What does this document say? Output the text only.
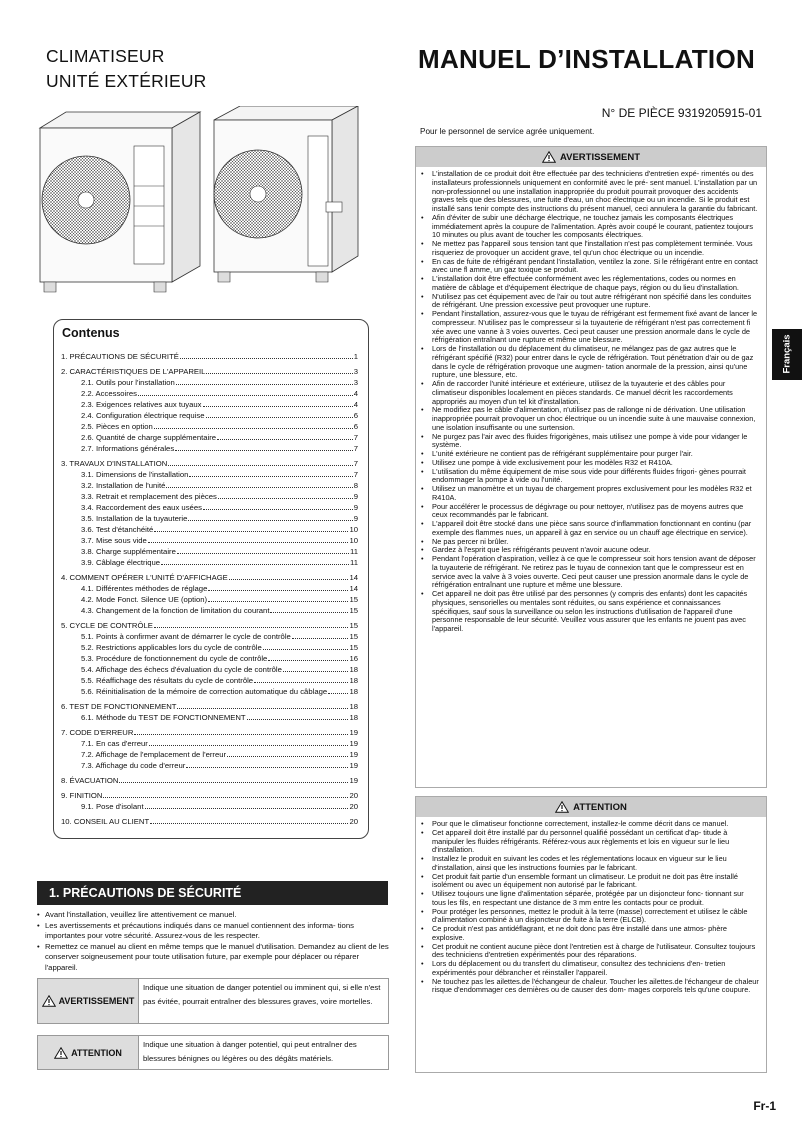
CLIMATISEUR
UNITÉ EXTÉRIEUR
MANUEL D’INSTALLATION
N° DE PIÈCE 9319205915-01
Pour le personnel de service agrée uniquement.
Contenus
1. PRÉCAUTIONS DE SÉCURITÉ	1
2. CARACTÉRISTIQUES DE L'APPAREIL	3
2.1. Outils pour l'installation	3
2.2. Accessoires	4
2.3. Exigences relatives aux tuyaux	4
2.4. Configuration électrique requise	6
2.5. Pièces en option	6
2.6. Quantité de charge supplémentaire	7
2.7. Informations générales	7
3. TRAVAUX D'INSTALLATION	7
3.1. Dimensions de l'installation	7
3.2. Installation de l'unité	8
3.3. Retrait et remplacement des pièces	9
3.4. Raccordement des eaux usées	9
3.5. Installation de la tuyauterie	9
3.6. Test d'étanchéité	10
3.7. Mise sous vide	10
3.8. Charge supplémentaire	11
3.9. Câblage électrique	11
4. COMMENT OPÉRER L'UNITÉ D'AFFICHAGE	14
4.1. Différentes méthodes de réglage	14
4.2. Mode Fonct. Silence UE (option)	15
4.3. Changement de la fonction de limitation du courant	15
5. CYCLE DE CONTRÔLE	15
5.1. Points à confirmer avant de démarrer le cycle de contrôle	15
5.2. Restrictions applicables lors du cycle de contrôle	15
5.3. Procédure de fonctionnement du cycle de contrôle	16
5.4. Affichage des échecs d'évaluation du cycle de contrôle	18
5.5. Réaffichage des résultats du cycle de contrôle	18
5.6. Réinitialisation de la mémoire de correction automatique du câblage	18
6. TEST DE FONCTIONNEMENT	18
6.1. Méthode du TEST DE FONCTIONNEMENT	18
7. CODE D'ERREUR	19
7.1. En cas d'erreur	19
7.2. Affichage de l'emplacement de l'erreur	19
7.3. Affichage du code d'erreur	19
8. ÉVACUATION	19
9. FINITION	20
9.1. Pose d'isolant	20
10. CONSEIL AU CLIENT	20
1. PRÉCAUTIONS DE SÉCURITÉ
• Avant l'installation, veuillez lire attentivement ce manuel.
• Les avertissements et précautions indiqués dans ce manuel contiennent des informa- tions importantes pour votre sécurité. Assurez-vous de les respecter.
• Remettez ce manuel au client en même temps que le manuel d'utilisation. Demandez au client de les conserver soigneusement pour toute utilisation future, par exemple pour déplacer ou réparer l'appareil.
AVERTISSEMENT
Indique une situation de danger potentiel ou imminent qui, si elle n'est pas évitée, pourrait entraîner des blessures graves, voire mortelles.
ATTENTION
Indique une situation à danger potentiel, qui peut entraîner des blessures bénignes ou légères ou des dégâts matériels.
AVERTISSEMENT
• L'installation de ce produit doit être effectuée par des techniciens d'entretien expé- rimentés ou des installateurs professionnels uniquement en conformité avec le pré- sent manuel. L'installation par un non-professionnel ou une installation inappropriée du produit pourrait provoquer des accidents graves tels que des blessures, une fuite d'eau, un choc électrique ou un incendie. Si le produit est installé sans tenir compte des instructions du présent manuel, ceci annulera la garantie du fabricant.
• Afin d'éviter de subir une décharge électrique, ne touchez jamais les composants électriques immédiatement après la coupure de l'alimentation. Après avoir coupé le courant, patientez toujours 10 minutes ou plus avant de toucher les composants électriques.
• Ne mettez pas l'appareil sous tension tant que l'installation n'est pas complètement terminée. Vous risqueriez de provoquer un accident grave, tel qu'un choc électrique ou un incendie.
• En cas de fuite de réfrigérant pendant l'installation, ventilez la zone. Si le réfrigérant entre en contact avec une fl amme, un gaz toxique se produit.
• L'installation doit être effectuée conformément avec les réglementations, codes ou normes en matière de câblage et d'équipement électrique de chaque pays, région ou du lieu d'installation.
• N'utilisez pas cet équipement avec de l'air ou tout autre réfrigérant non spécifié dans les conduites de réfrigérant. Une pression excessive peut provoquer une rupture.
• Pendant l'installation, assurez-vous que le tuyau de réfrigérant est fermement fixé avant de lancer le compresseur. N'utilisez pas le compresseur si la tuyauterie de réfrigérant n'est pas correctement fi xée avec une vanne à 3 voies ouvertes. Ceci peut causer une pression anormale dans le cycle de réfrigération entraînant une rupture et même une blessure.
• Lors de l'installation ou du déplacement du climatiseur, ne mélangez pas de gaz autres que le réfrigérant spécifié (R32) pour entrer dans le cycle de réfrigération. Tout pénétration d'air ou de gaz dans le cycle de réfrigération provoque une augmen- tation anormale de la pression, ainsi qu'une rupture, une blessure, etc.
• Afin de raccorder l'unité intérieure et extérieure, utilisez de la tuyauterie et des câbles pour climatiseur disponibles localement en pièces standards. Ce manuel décrit les raccordements appropriés au moyen d'un tel kit d'installation.
• Ne modifiez pas le câble d'alimentation, n'utilisez pas de rallonge ni de dérivation. Une utilisation inappropriée pourrait provoquer un choc électrique ou un incendie suite à une mauvaise connexion, une isolation insuffisante ou une surtension.
• Ne purgez pas l'air avec des fluides frigorigènes, mais utilisez une pompe à vide pour vidanger le système.
• L'unité extérieure ne contient pas de réfrigérant supplémentaire pour purger l'air.
• Utilisez une pompe à vide exclusivement pour les modèles R32 et R410A.
• L'utilisation du même équipement de mise sous vide pour différents fluides frigori- gènes pourrait endommager la pompe à vide ou l'unité.
• Utilisez un manomètre et un tuyau de chargement propres exclusivement pour les modèles R32 et R410A.
• Pour accélérer le processus de dégivrage ou pour nettoyer, n'utilisez pas de moyens autres que ceux recommandés par le fabricant.
• L'appareil doit être stocké dans une pièce sans source d'inflammation fonctionnant en continu (par exemple des flammes nues, un appareil à gaz en service ou un chauff age électrique en service).
• Ne pas percer ni brûler.
• Gardez à l'esprit que les réfrigérants peuvent n'avoir aucune odeur.
• Pendant l'opération d'aspiration, veillez à ce que le compresseur soit hors tension avant de déposer la tuyauterie de réfrigérant. Ne retirez pas le tuyau de connexion tant que le compresseur est en service avec la valve à 3 voies ouverte. Ceci peut causer une pression anormale dans le cycle de réfrigération entraînant une rupture et même une blessure.
• Cet appareil ne doit pas être utilisé par des personnes (y compris des enfants) dont les capacités physiques, sensorielles ou mentales sont réduites, ou sans expérience et connaissances spécifiques, sauf sous la surveillance ou selon les instructions d'utilisation de l'appareil d'une personne responsable de leur sécurité. Veuillez vous assurer que les enfants ne jouent pas avec l'appareil.
ATTENTION
• Pour que le climatiseur fonctionne correctement, installez-le comme décrit dans ce manuel.
• Cet appareil doit être installé par du personnel qualifié possédant un certificat d'ap- titude à manipuler les fluides réfrigérants. Référez-vous aux règlements et lois en vigueur sur le lieu d'installation.
• Installez le produit en suivant les codes et les réglementations locaux en vigueur sur le lieu d'installation, ainsi que les instructions fournies par le fabricant.
• Cet produit fait partie d'un ensemble formant un climatiseur. Le produit ne doit pas être installé isolément ou avec un équipement non autorisé par le fabricant.
• Utilisez toujours une ligne d'alimentation séparée, protégée par un disjoncteur fonc- tionnant sur tous les fils, en respectant une distance de 3 mm entre les contacts pour ce produit.
• Pour protéger les personnes, mettez le produit à la terre (masse) correctement et utilisez le câble d'alimentation combiné à un disjoncteur de fuite à la terre (ELCB).
• Ce produit n'est pas antidéflagrant, et ne doit donc pas être installé dans une atmos- phère explosive.
• Cet produit ne contient aucune pièce dont l'entretien est à charge de l'utilisateur. Consultez toujours des techniciens d'entretien expérimentés pour des réparations.
• Lors du déplacement ou du transfert du climatiseur, consultez des techniciens d'en- tretien expérimentés pour débrancher et réinstaller l'appareil.
• Ne touchez pas les ailettes.de l'échangeur de chaleur. Toucher les ailettes.de l'échangeur de chaleur risque d'endommager ces dernières ou de causer des dom- mages corporels tels qu'une coupure.
Français
Fr-1
